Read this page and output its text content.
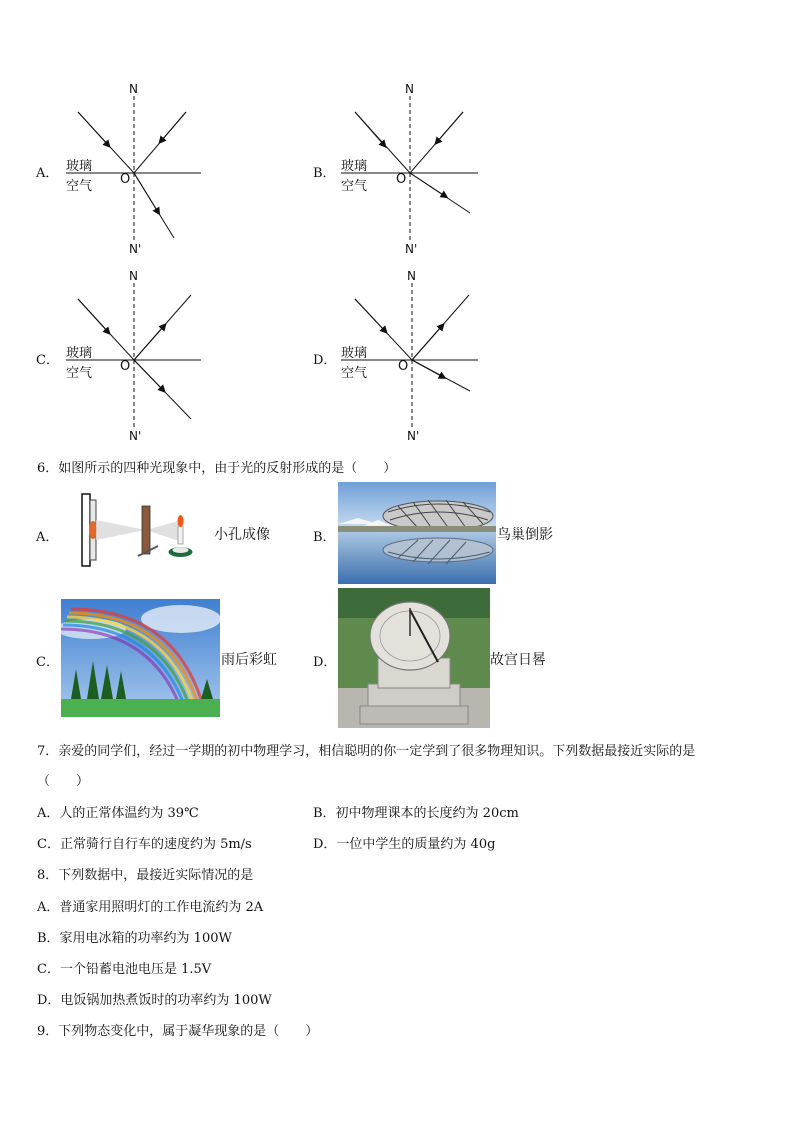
A． 玻璃
空气
N
O
N'
B． 玻璃
空气
N
O
N'
C． 玻璃
空气
N
O
N'
D． 玻璃
空气
N
O
N'
6．如图所示的四种光现象中，由于光的反射形成的是（　　）
A．	小孔成像	B．	鸟巢倒影
C．	雨后彩虹	D．	故宫日晷
7．亲爱的同学们，经过一学期的初中物理学习，相信聪明的你一定学到了很多物理知识。下列数据最接近实际的是
（　　）
A．人的正常体温约为 39℃	B．初中物理课本的长度约为 20cm
C．正常骑行自行车的速度约为 5m/s	D．一位中学生的质量约为 40g
8．下列数据中，最接近实际情况的是
A．普通家用照明灯的工作电流约为 2A
B．家用电冰箱的功率约为 100W
C．一个铅蓄电池电压是 1.5V
D．电饭锅加热煮饭时的功率约为 100W
9．下列物态变化中，属于凝华现象的是（　　）
